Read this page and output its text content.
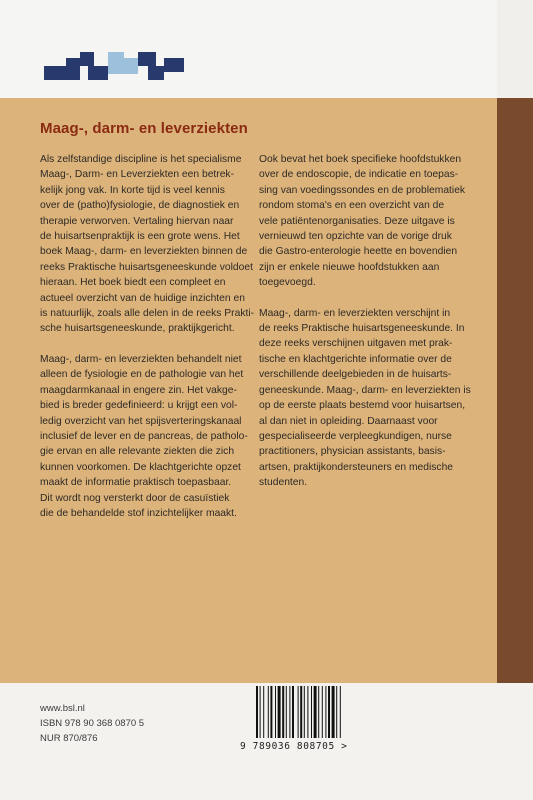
Maag-, darm- en leverziekten

Als zelfstandige discipline is het specialisme
Maag-, Darm- en Leverziekten een betrek-
kelijk jong vak. In korte tijd is veel kennis
over de (patho)fysiologie, de diagnostiek en
therapie verworven. Vertaling hiervan naar
de huisartsenpraktijk is een grote wens. Het
boek Maag-, darm- en leverziekten binnen de
reeks Praktische huisartsgeneeskunde voldoet
hieraan. Het boek biedt een compleet en
actueel overzicht van de huidige inzichten en
is natuurlijk, zoals alle delen in de reeks Prakti-
sche huisartsgeneeskunde, praktijkgericht.

Maag-, darm- en leverziekten behandelt niet
alleen de fysiologie en de pathologie van het
maagdarmkanaal in engere zin. Het vakge-
bied is breder gedefinieerd: u krijgt een vol-
ledig overzicht van het spijsverteringskanaal
inclusief de lever en de pancreas, de patholo-
gie ervan en alle relevante ziekten die zich
kunnen voorkomen. De klachtgerichte opzet
maakt de informatie praktisch toepasbaar.
Dit wordt nog versterkt door de casuïstiek
die de behandelde stof inzichtelijker maakt.

Ook bevat het boek specifieke hoofdstukken
over de endoscopie, de indicatie en toepas-
sing van voedingssondes en de problematiek
rondom stoma's en een overzicht van de
vele patiëntenorganisaties. Deze uitgave is
vernieuwd ten opzichte van de vorige druk
die Gastro-enterologie heette en bovendien
zijn er enkele nieuwe hoofdstukken aan
toegevoegd.

Maag-, darm- en leverziekten verschijnt in
de reeks Praktische huisartsgeneeskunde. In
deze reeks verschijnen uitgaven met prak-
tische en klachtgerichte informatie over de
verschillende deelgebieden in de huisarts-
geneeskunde. Maag-, darm- en leverziekten is
op de eerste plaats bestemd voor huisartsen,
al dan niet in opleiding. Daarnaast voor
gespecialiseerde verpleegkundigen, nurse
practitioners, physician assistants, basis-
artsen, praktijkondersteuners en medische
studenten.

www.bsl.nl
ISBN 978 90 368 0870 5
NUR 870/876
9 789036 808705 >
